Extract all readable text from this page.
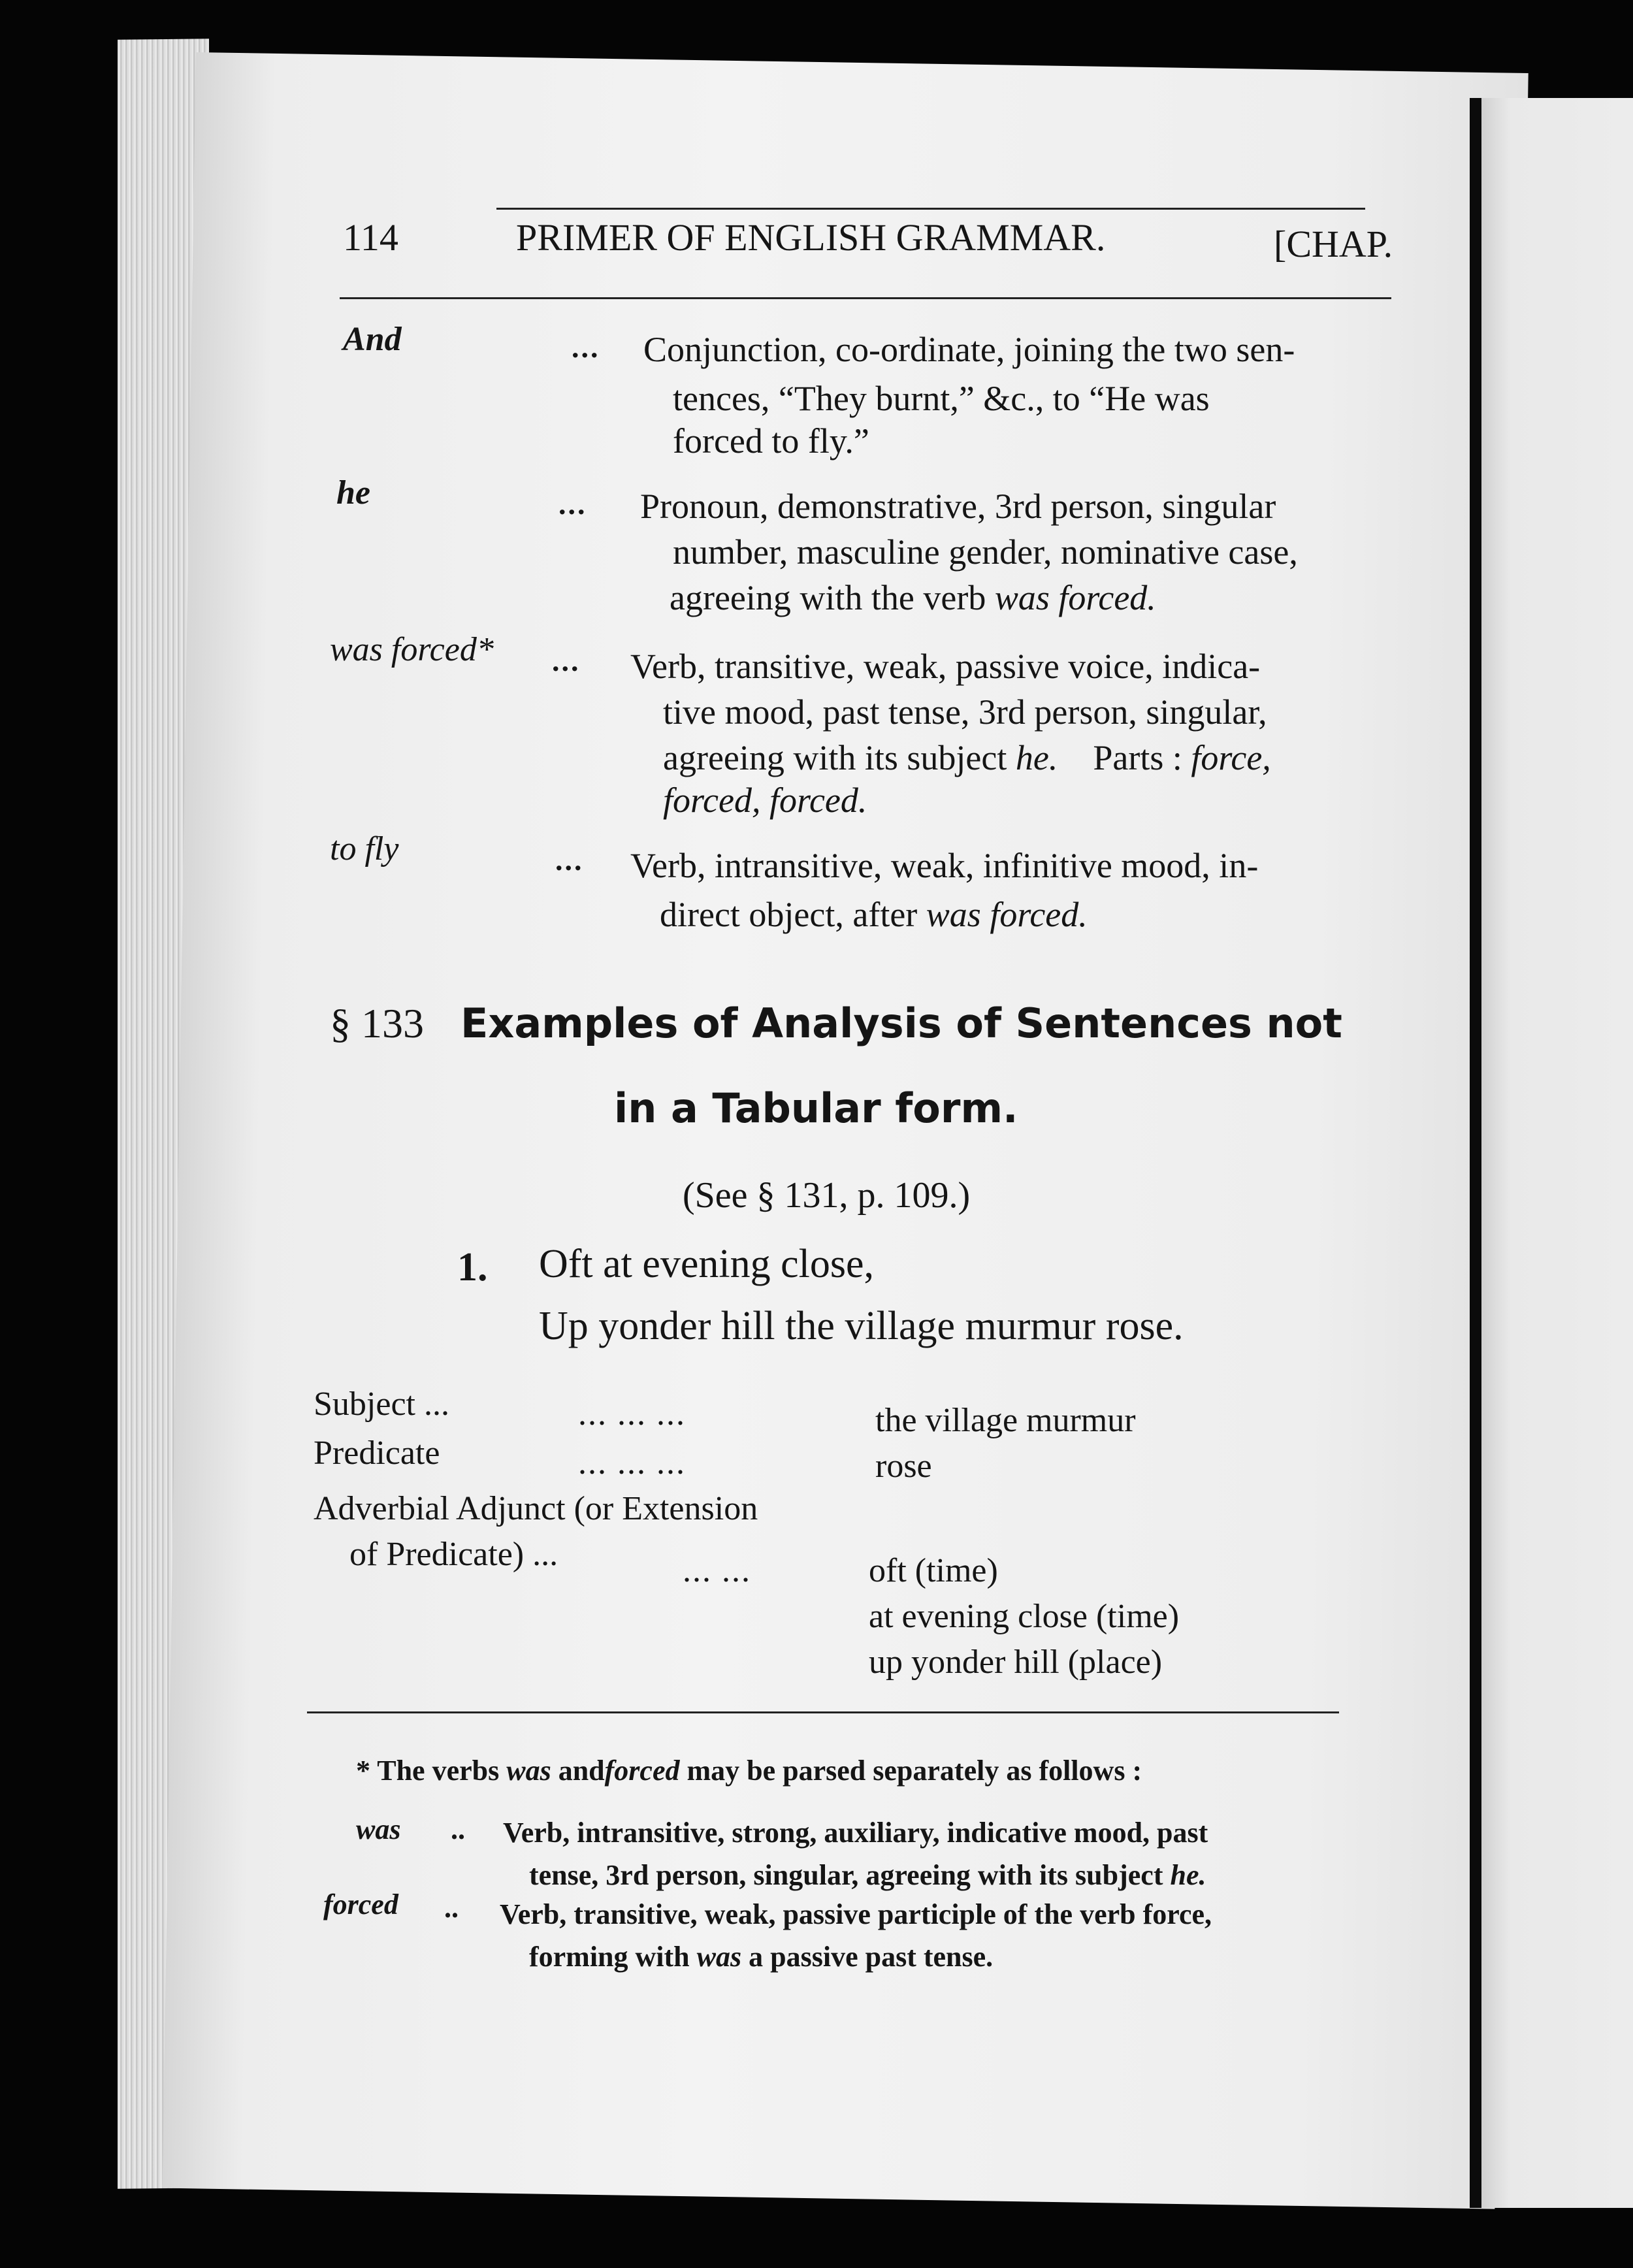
114	PRIMER OF ENGLISH GRAMMAR.	[CHAP.
And	... Conjunction, co-ordinate, joining the two sen-
tences, “They burnt,” &c., to “He was
forced to fly.”
he	... Pronoun, demonstrative, 3rd person, singular
number, masculine gender, nominative case,
agreeing with the verb was forced.
was forced* ... Verb, transitive, weak, passive voice, indica-
tive mood, past tense, 3rd person, singular,
agreeing with its subject he. Parts : force,
forced, forced.
to fly	... Verb, intransitive, weak, infinitive mood, in-
direct object, after was forced.
§ 133 Examples of Analysis of Sentences not
in a Tabular form.
(See § 131, p. 109.)
1. Oft at evening close,
Up yonder hill the village murmur rose.
Subject ...	... ... ...	the village murmur
Predicate	... ... ...	rose
Adverbial Adjunct (or Extension
of Predicate) ...	... ...	oft (time)
at evening close (time)
up yonder hill (place)
* The verbs was andforced may be parsed separately as follows :
was .. Verb, intransitive, strong, auxiliary, indicative mood, past
tense, 3rd person, singular, agreeing with its subject he.
forced .. Verb, transitive, weak, passive participle of the verb force,
forming with was a passive past tense.
